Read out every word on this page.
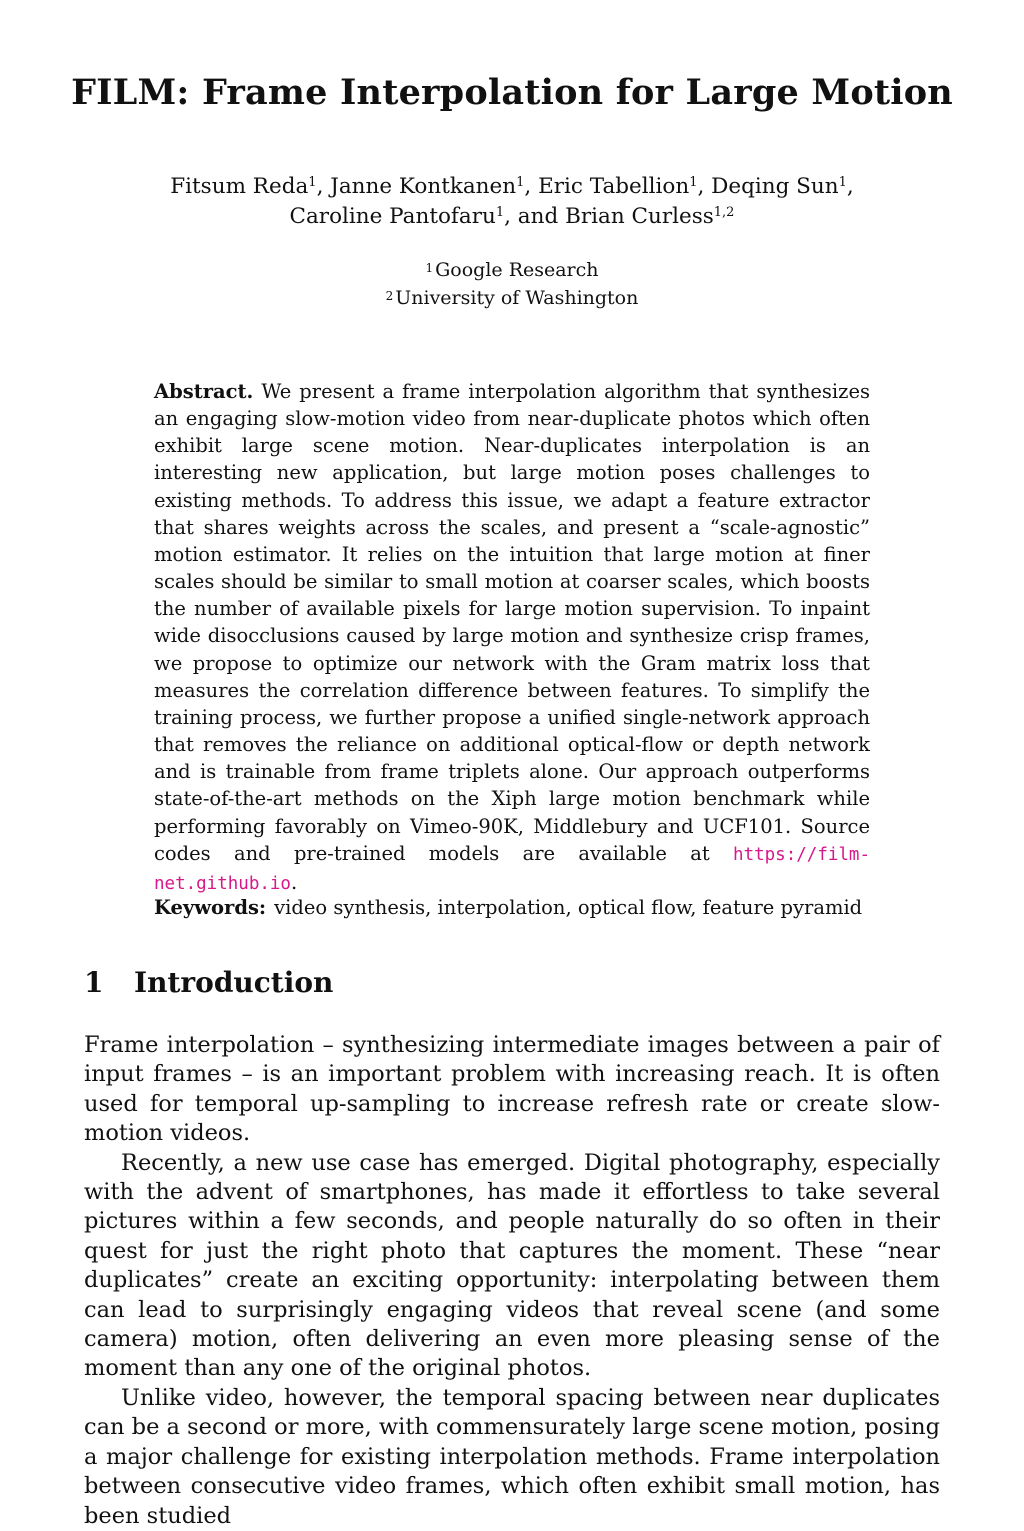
FILM: Frame Interpolation for Large Motion
Fitsum Reda$^1$, Janne Kontkanen$^1$, Eric Tabellion$^1$, Deqing Sun$^1$,
Caroline Pantofaru$^1$, and Brian Curless$^{1,2}$
$^1$ Google Research
$^2$ University of Washington
Abstract. We present a frame interpolation algorithm that synthesizes an engaging slow-motion video from near-duplicate photos which often exhibit large scene motion. Near-duplicates interpolation is an interesting new application, but large motion poses challenges to existing methods. To address this issue, we adapt a feature extractor that shares weights across the scales, and present a “scale-agnostic” motion estimator. It relies on the intuition that large motion at finer scales should be similar to small motion at coarser scales, which boosts the number of available pixels for large motion supervision. To inpaint wide disocclusions caused by large motion and synthesize crisp frames, we propose to optimize our network with the Gram matrix loss that measures the correlation difference between features. To simplify the training process, we further propose a unified single-network approach that removes the reliance on additional optical-flow or depth network and is trainable from frame triplets alone. Our approach outperforms state-of-the-art methods on the Xiph large motion benchmark while performing favorably on Vimeo-90K, Middlebury and UCF101. Source codes and pre-trained models are available at https://film-net.github.io.
Keywords: video synthesis, interpolation, optical flow, feature pyramid
1 Introduction

Frame interpolation – synthesizing intermediate images between a pair of input frames – is an important problem with increasing reach. It is often used for temporal up-sampling to increase refresh rate or create slow-motion videos.

Recently, a new use case has emerged. Digital photography, especially with the advent of smartphones, has made it effortless to take several pictures within a few seconds, and people naturally do so often in their quest for just the right photo that captures the moment. These “near duplicates” create an exciting opportunity: interpolating between them can lead to surprisingly engaging videos that reveal scene (and some camera) motion, often delivering an even more pleasing sense of the moment than any one of the original photos.

Unlike video, however, the temporal spacing between near duplicates can be a second or more, with commensurately large scene motion, posing a major challenge for existing interpolation methods. Frame interpolation between consecutive video frames, which often exhibit small motion, has been studied
